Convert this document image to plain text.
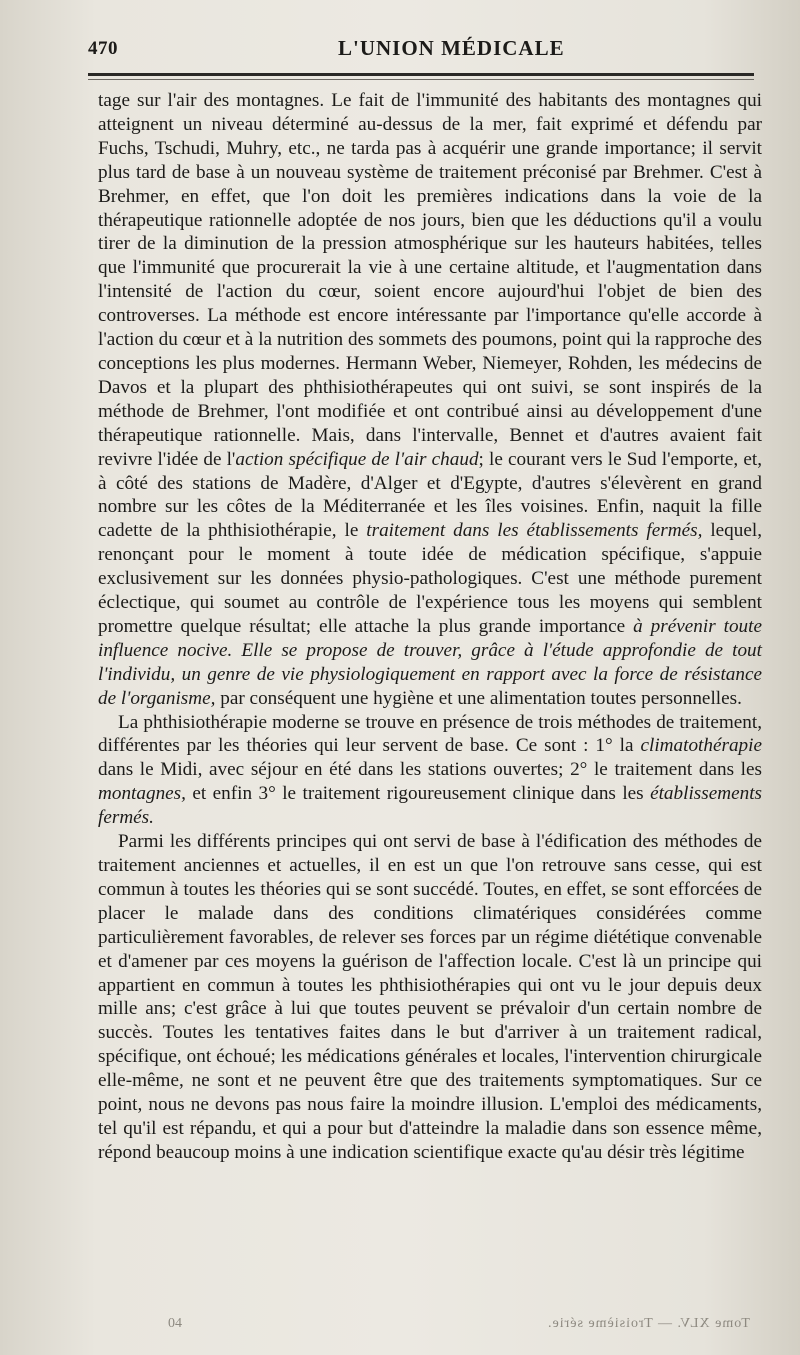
470	L'UNION MÉDICALE

tage sur l'air des montagnes. Le fait de l'immunité des habitants des montagnes qui atteignent un niveau déterminé au-dessus de la mer, fait exprimé et défendu par Fuchs, Tschudi, Muhry, etc., ne tarda pas à acquérir une grande importance; il servit plus tard de base à un nouveau système de traitement préconisé par Brehmer. C'est à Brehmer, en effet, que l'on doit les premières indications dans la voie de la thérapeutique rationnelle adoptée de nos jours, bien que les déductions qu'il a voulu tirer de la diminution de la pression atmosphérique sur les hauteurs habitées, telles que l'immunité que procurerait la vie à une certaine altitude, et l'augmentation dans l'intensité de l'action du cœur, soient encore aujourd'hui l'objet de bien des controverses. La méthode est encore intéressante par l'importance qu'elle accorde à l'action du cœur et à la nutrition des sommets des poumons, point qui la rapproche des conceptions les plus modernes. Hermann Weber, Niemeyer, Rohden, les médecins de Davos et la plupart des phthisiothérapeutes qui ont suivi, se sont inspirés de la méthode de Brehmer, l'ont modifiée et ont contribué ainsi au développement d'une thérapeutique rationnelle. Mais, dans l'intervalle, Bennet et d'autres avaient fait revivre l'idée de l'action spécifique de l'air chaud; le courant vers le Sud l'emporte, et, à côté des stations de Madère, d'Alger et d'Egypte, d'autres s'élevèrent en grand nombre sur les côtes de la Méditerranée et les îles voisines. Enfin, naquit la fille cadette de la phthisiothérapie, le traitement dans les établissements fermés, lequel, renonçant pour le moment à toute idée de médication spécifique, s'appuie exclusivement sur les données physio-pathologiques. C'est une méthode purement éclectique, qui soumet au contrôle de l'expérience tous les moyens qui semblent promettre quelque résultat; elle attache la plus grande importance à prévenir toute influence nocive. Elle se propose de trouver, grâce à l'étude approfondie de tout l'individu, un genre de vie physiologiquement en rapport avec la force de résistance de l'organisme, par conséquent une hygiène et une alimentation toutes personnelles.

La phthisiothérapie moderne se trouve en présence de trois méthodes de traitement, différentes par les théories qui leur servent de base. Ce sont : 1° la climatothérapie dans le Midi, avec séjour en été dans les stations ouvertes; 2° le traitement dans les montagnes, et enfin 3° le traitement rigoureusement clinique dans les établissements fermés.

Parmi les différents principes qui ont servi de base à l'édification des méthodes de traitement anciennes et actuelles, il en est un que l'on retrouve sans cesse, qui est commun à toutes les théories qui se sont succédé. Toutes, en effet, se sont efforcées de placer le malade dans des conditions climatériques considérées comme particulièrement favorables, de relever ses forces par un régime diététique convenable et d'amener par ces moyens la guérison de l'affection locale. C'est là un principe qui appartient en commun à toutes les phthisiothérapies qui ont vu le jour depuis deux mille ans; c'est grâce à lui que toutes peuvent se prévaloir d'un certain nombre de succès. Toutes les tentatives faites dans le but d'arriver à un traitement radical, spécifique, ont échoué; les médications générales et locales, l'intervention chirurgicale elle-même, ne sont et ne peuvent être que des traitements symptomatiques. Sur ce point, nous ne devons pas nous faire la moindre illusion. L'emploi des médicaments, tel qu'il est répandu, et qui a pour but d'atteindre la maladie dans son essence même, répond beaucoup moins à une indication scientifique exacte qu'au désir très légitime

04	Tome XLV. — Troisième série.
